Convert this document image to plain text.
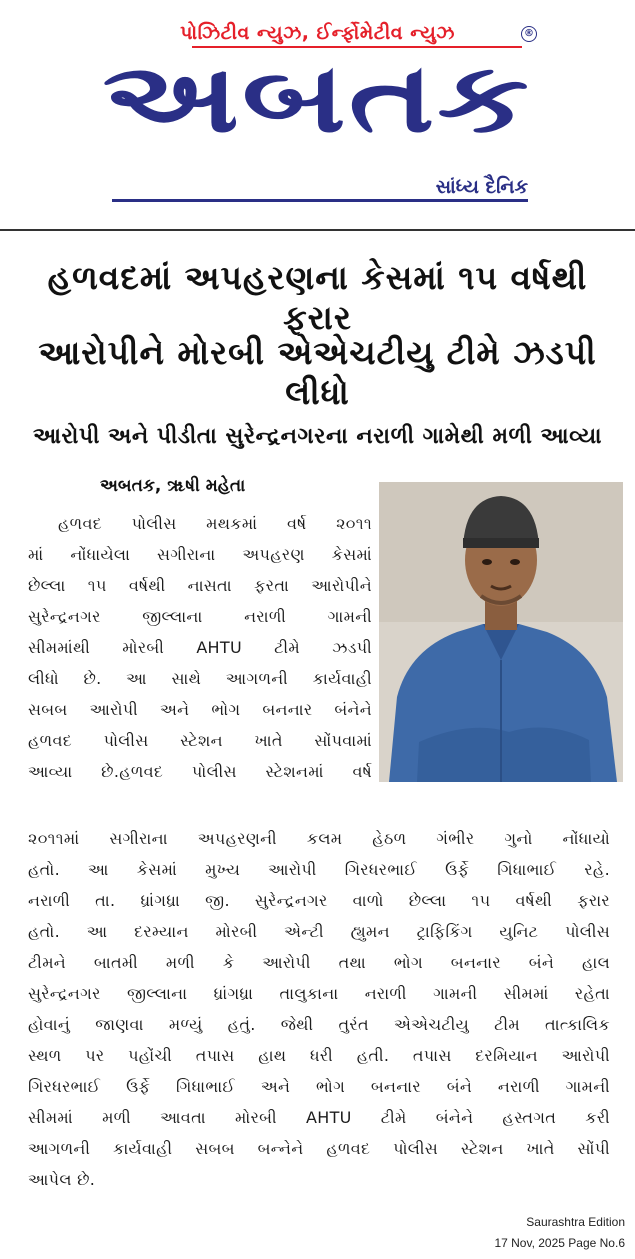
પોઝિટીવ ન્યુઝ, ઈર્ન્ફોમેટીવ ન્યુઝ	®
અબતક
સાંધ્ય દૈનિક
હળવદમાં અપહરણના કેસમાં ૧૫ વર્ષથી ફરાર
આરોપીને મોરબી એએચટીયુ ટીમે ઝડપી લીધો
આરોપી અને પીડીતા સુરેન્દ્રનગરના નરાળી ગામેથી મળી આવ્યા
અબતક, ૠષી મહેતા
હળવદ પોલીસ મથકમાં વર્ષ ૨૦૧૧
માં નોંધાયેલા સગીરાના અપહરણ કેસમાં
છેલ્લા ૧૫ વર્ષથી નાસતા ફરતા આરોપીને
સુરેન્દ્રનગર જીલ્લાના નરાળી ગામની
સીમમાંથી મોરબી AHTU ટીમે ઝડપી
લીધો છે. આ સાથે આગળની કાર્યવાહી
સબબ આરોપી અને ભોગ બનનાર બંનેને
હળવદ પોલીસ સ્ટેશન ખાતે સોંપવામાં
આવ્યા છે.હળવદ પોલીસ સ્ટેશનમાં વર્ષ
૨૦૧૧માં સગીરાના અપહરણની કલમ હેઠળ ગંભીર ગુનો નોંધાયો
હતો. આ કેસમાં મુખ્ય આરોપી ગિરધરભાઈ ઉર્ફે ગિધાભાઈ રહે.
નરાળી તા. ધ્રાંગધ્રા જી. સુરેન્દ્રનગર વાળો છેલ્લા ૧૫ વર્ષથી ફરાર
હતો. આ દરમ્યાન મોરબી એન્ટી હ્યુમન ટ્રાફિકિંગ યુનિટ પોલીસ
ટીમને બાતમી મળી કે આરોપી તથા ભોગ બનનાર બંને હાલ
સુરેન્દ્રનગર જીલ્લાના ધ્રાંગધ્રા તાલુકાના નરાળી ગામની સીમમાં રહેતા
હોવાનું જાણવા મળ્યું હતું. જેથી તુરંત એએચટીયુ ટીમ તાત્કાલિક
સ્થળ પર પહોંચી તપાસ હાથ ધરી હતી. તપાસ દરમિયાન આરોપી
ગિરધરભાઈ ઉર્ફે ગિધાભાઈ અને ભોગ બનનાર બંને નરાળી ગામની
સીમમાં મળી આવતા મોરબી AHTU ટીમે બંનેને હસ્તગત કરી
આગળની કાર્યવાહી સબબ બન્નેને હળવદ પોલીસ સ્ટેશન ખાતે સોંપી
આપેલ છે.
Saurashtra Edition
17 Nov, 2025 Page No.6
